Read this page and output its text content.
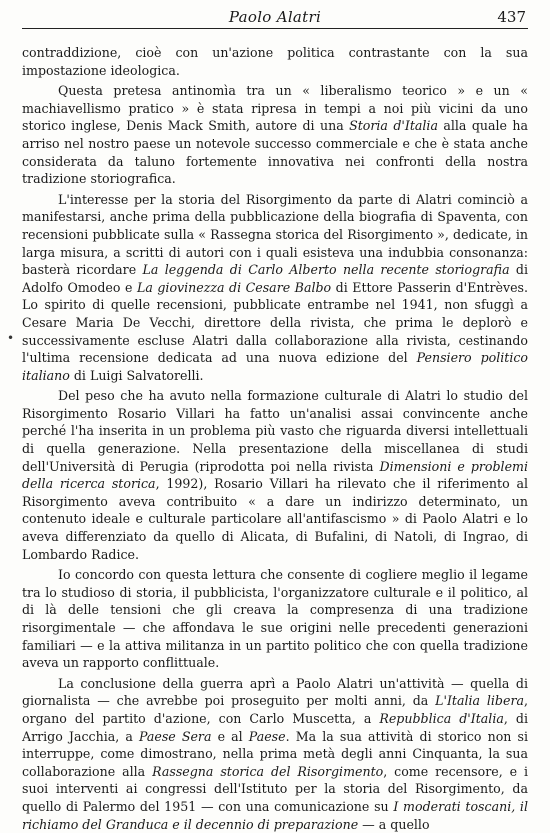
Paolo Alatri	437
•

contraddizione, cioè con un'azione politica contrastante con la sua impostazione ideologica.

Questa pretesa antinomìa tra un « liberalismo teorico » e un « machiavellismo pratico » è stata ripresa in tempi a noi più vicini da uno storico inglese, Denis Mack Smith, autore di una Storia d'Italia alla quale ha arriso nel nostro paese un notevole successo commerciale e che è stata anche considerata da taluno fortemente innovativa nei confronti della nostra tradizione storiografica.

L'interesse per la storia del Risorgimento da parte di Alatri cominciò a manifestarsi, anche prima della pubblicazione della biografia di Spaventa, con recensioni pubblicate sulla « Rassegna storica del Risorgimento », dedicate, in larga misura, a scritti di autori con i quali esisteva una indubbia consonanza: basterà ricordare La leggenda di Carlo Alberto nella recente storiografia di Adolfo Omodeo e La giovinezza di Cesare Balbo di Ettore Passerin d'Entrèves. Lo spirito di quelle recensioni, pubblicate entrambe nel 1941, non sfuggì a Cesare Maria De Vecchi, direttore della rivista, che prima le deplorò e successivamente escluse Alatri dalla collaborazione alla rivista, cestinando l'ultima recensione dedicata ad una nuova edizione del Pensiero politico italiano di Luigi Salvatorelli.

Del peso che ha avuto nella formazione culturale di Alatri lo studio del Risorgimento Rosario Villari ha fatto un'analisi assai convincente anche perché l'ha inserita in un problema più vasto che riguarda diversi intellettuali di quella generazione. Nella presentazione della miscellanea di studi dell'Università di Perugia (riprodotta poi nella rivista Dimensioni e problemi della ricerca storica, 1992), Rosario Villari ha rilevato che il riferimento al Risorgimento aveva contribuito « a dare un indirizzo determinato, un contenuto ideale e culturale particolare all'antifascismo » di Paolo Alatri e lo aveva differenziato da quello di Alicata, di Bufalini, di Natoli, di Ingrao, di Lombardo Radice.

Io concordo con questa lettura che consente di cogliere meglio il legame tra lo studioso di storia, il pubblicista, l'organizzatore culturale e il politico, al di là delle tensioni che gli creava la compresenza di una tradizione risorgimentale — che affondava le sue origini nelle precedenti generazioni familiari — e la attiva militanza in un partito politico che con quella tradizione aveva un rapporto conflittuale.

La conclusione della guerra aprì a Paolo Alatri un'attività — quella di giornalista — che avrebbe poi proseguito per molti anni, da L'Italia libera, organo del partito d'azione, con Carlo Muscetta, a Repubblica d'Italia, di Arrigo Jacchia, a Paese Sera e al Paese. Ma la sua attività di storico non si interruppe, come dimostrano, nella prima metà degli anni Cinquanta, la sua collaborazione alla Rassegna storica del Risorgimento, come recensore, e i suoi interventi ai congressi dell'Istituto per la storia del Risorgimento, da quello di Palermo del 1951 — con una comunicazione su I moderati toscani, il richiamo del Granduca e il decennio di preparazione — a quello
